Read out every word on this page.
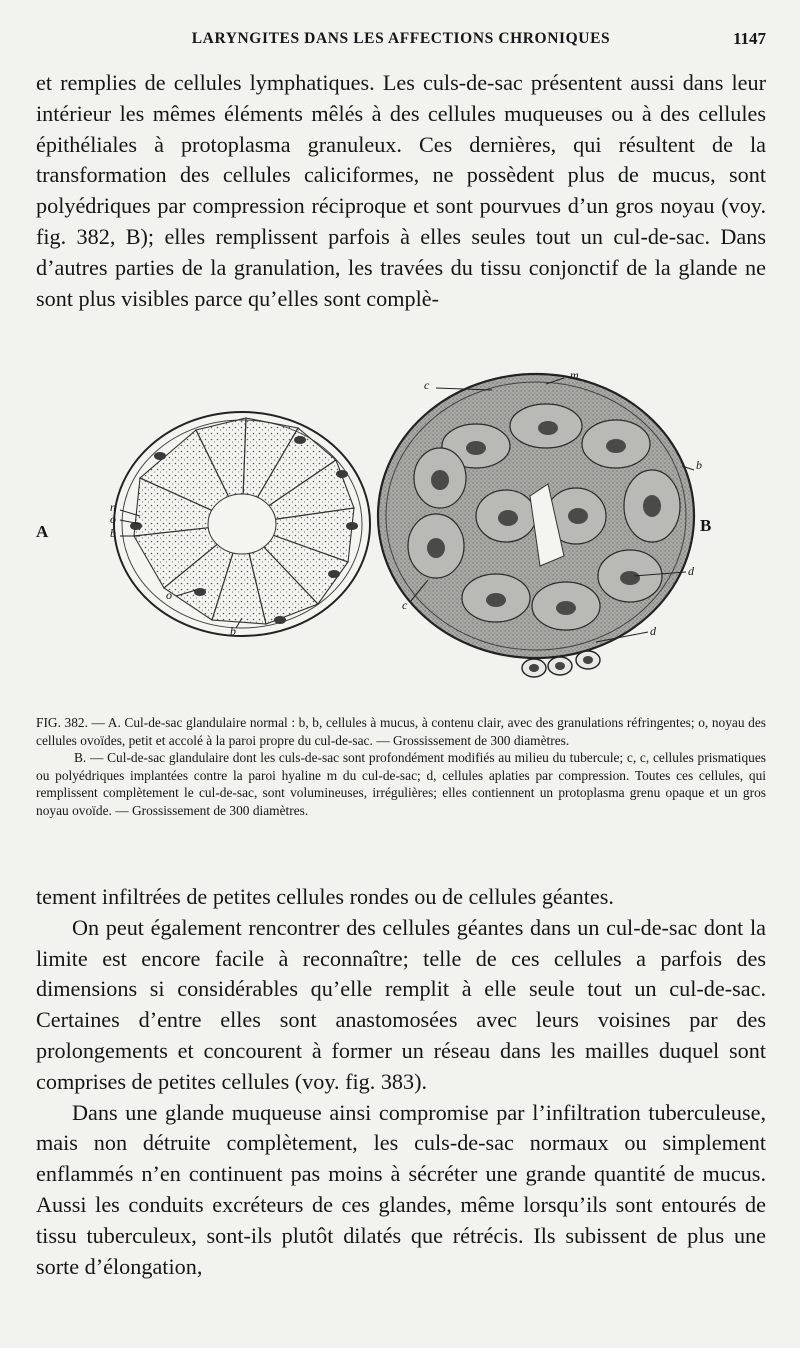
LARYNGITES DANS LES AFFECTIONS CHRONIQUES	1147

et remplies de cellules lymphatiques. Les culs-de-sac présentent aussi dans leur intérieur les mêmes éléments mêlés à des cellules muqueuses ou à des cellules épithéliales à protoplasma granuleux. Ces dernières, qui résultent de la transformation des cellules caliciformes, ne possèdent plus de mucus, sont polyédriques par compression réciproque et sont pourvues d’un gros noyau (voy. fig. 382, B); elles remplissent parfois à elles seules tout un cul-de-sac. Dans d’autres parties de la granulation, les travées du tissu conjonctif de la glande ne sont plus visibles parce qu’elles sont complè-

A	B
n
o
b
o
b
c
m
b
d
c
d

FIG. 382. — A. Cul-de-sac glandulaire normal : b, b, cellules à mucus, à contenu clair, avec des granulations réfringentes; o, noyau des cellules ovoïdes, petit et accolé à la paroi propre du cul-de-sac. — Grossissement de 300 diamètres.

B. — Cul-de-sac glandulaire dont les culs-de-sac sont profondément modifiés au milieu du tubercule; c, c, cellules prismatiques ou polyédriques implantées contre la paroi hyaline m du cul-de-sac; d, cellules aplaties par compression. Toutes ces cellules, qui remplissent complètement le cul-de-sac, sont volumineuses, irrégulières; elles contiennent un protoplasma grenu opaque et un gros noyau ovoïde. — Grossissement de 300 diamètres.

tement infiltrées de petites cellules rondes ou de cellules géantes.

On peut également rencontrer des cellules géantes dans un cul-de-sac dont la limite est encore facile à reconnaître; telle de ces cellules a parfois des dimensions si considérables qu’elle remplit à elle seule tout un cul-de-sac. Certaines d’entre elles sont anastomosées avec leurs voisines par des prolongements et concourent à former un réseau dans les mailles duquel sont comprises de petites cellules (voy. fig. 383).

Dans une glande muqueuse ainsi compromise par l’infiltration tuberculeuse, mais non détruite complètement, les culs-de-sac normaux ou simplement enflammés n’en continuent pas moins à sécréter une grande quantité de mucus. Aussi les conduits excréteurs de ces glandes, même lorsqu’ils sont entourés de tissu tuberculeux, sont-ils plutôt dilatés que rétrécis. Ils subissent de plus une sorte d’élongation,
